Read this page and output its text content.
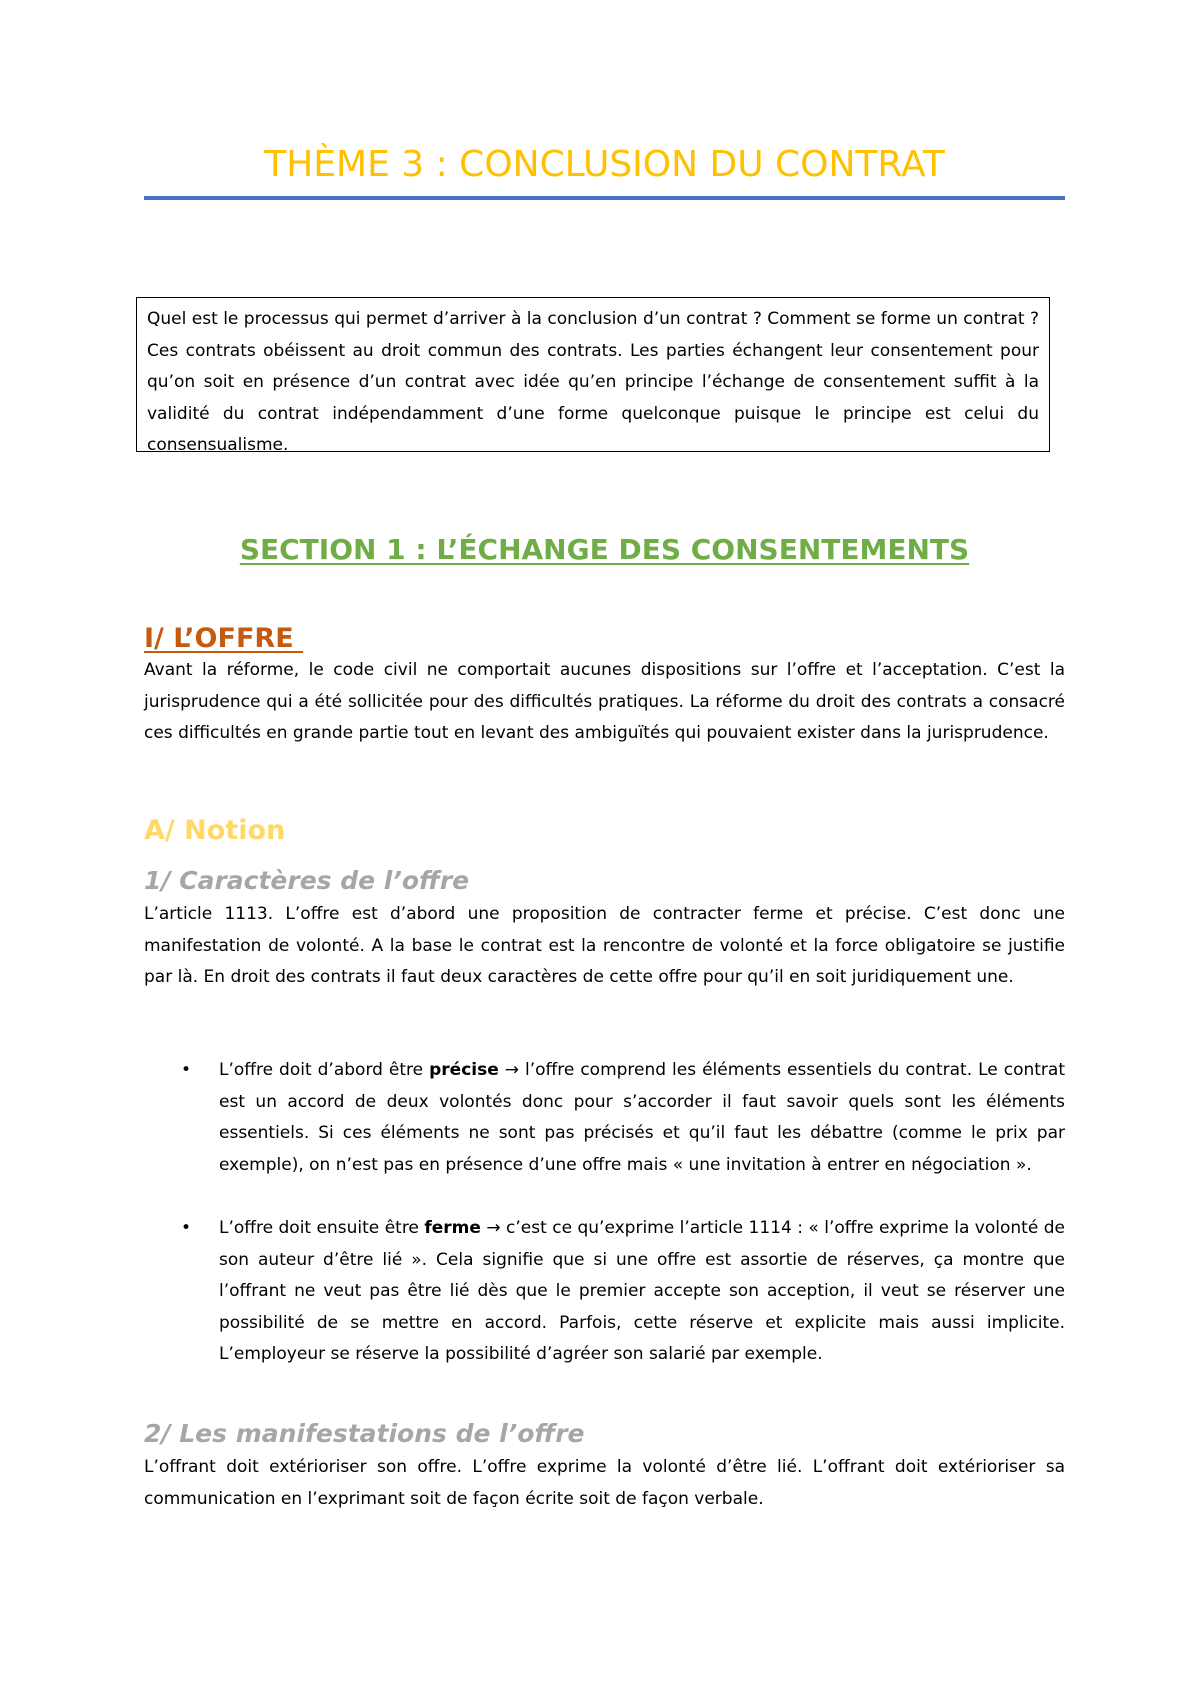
THÈME 3 : CONCLUSION DU CONTRAT

Quel est le processus qui permet d’arriver à la conclusion d’un contrat ? Comment se forme un contrat ? Ces contrats obéissent au droit commun des contrats. Les parties échangent leur consentement pour qu’on soit en présence d’un contrat avec idée qu’en principe l’échange de consentement suffit à la validité du contrat indépendamment d’une forme quelconque puisque le principe est celui du consensualisme.

SECTION 1 : L’ÉCHANGE DES CONSENTEMENTS
I/ L’OFFRE

Avant la réforme, le code civil ne comportait aucunes dispositions sur l’offre et l’acceptation. C’est la jurisprudence qui a été sollicitée pour des difficultés pratiques. La réforme du droit des contrats a consacré ces difficultés en grande partie tout en levant des ambiguïtés qui pouvaient exister dans la jurisprudence.

A/ Notion
1/ Caractères de l’offre

L’article 1113. L’offre est d’abord une proposition de contracter ferme et précise. C’est donc une manifestation de volonté. A la base le contrat est la rencontre de volonté et la force obligatoire se justifie par là. En droit des contrats il faut deux caractères de cette offre pour qu’il en soit juridiquement une.

• L’offre doit d’abord être précise → l’offre comprend les éléments essentiels du contrat. Le contrat est un accord de deux volontés donc pour s’accorder il faut savoir quels sont les éléments essentiels. Si ces éléments ne sont pas précisés et qu’il faut les débattre (comme le prix par exemple), on n’est pas en présence d’une offre mais « une invitation à entrer en négociation ».
• L’offre doit ensuite être ferme → c’est ce qu’exprime l’article 1114 : « l’offre exprime la volonté de son auteur d’être lié ». Cela signifie que si une offre est assortie de réserves, ça montre que l’offrant ne veut pas être lié dès que le premier accepte son acception, il veut se réserver une possibilité de se mettre en accord. Parfois, cette réserve et explicite mais aussi implicite. L’employeur se réserve la possibilité d’agréer son salarié par exemple.
2/ Les manifestations de l’offre

L’offrant doit extérioriser son offre. L’offre exprime la volonté d’être lié. L’offrant doit extérioriser sa communication en l’exprimant soit de façon écrite soit de façon verbale.
